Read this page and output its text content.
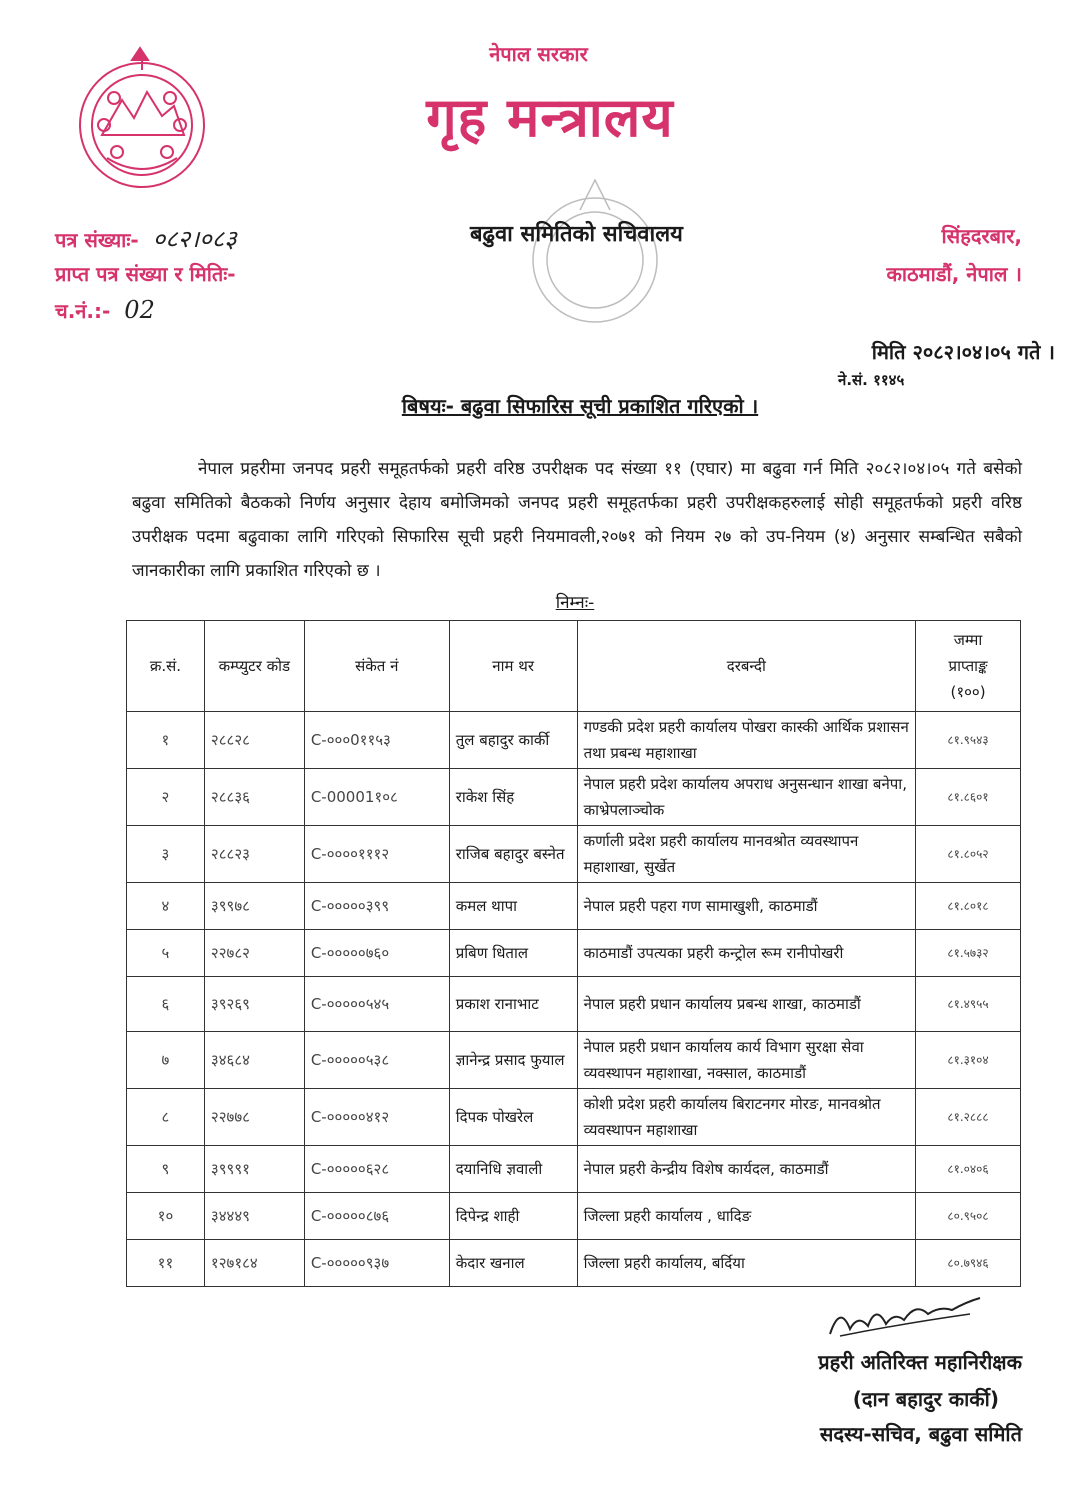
नेपाल सरकार
गृह मन्त्रालय
बढुवा समितिको सचिवालय
पत्र संख्याः- ०८२।०८३
प्राप्त पत्र संख्या र मितिः-
च.नं.:- 02
सिंहदरबार,
काठमाडौं, नेपाल ।
मिति २०८२।०४।०५ गते ।
ने.सं. ११४५
बिषयः- बढुवा सिफारिस सूची प्रकाशित गरिएको ।
नेपाल प्रहरीमा जनपद प्रहरी समूहतर्फको प्रहरी वरिष्ठ उपरीक्षक पद संख्या ११ (एघार) मा बढुवा गर्न मिति २०८२।०४।०५ गते बसेको बढुवा समितिको बैठकको निर्णय अनुसार देहाय बमोजिमको जनपद प्रहरी समूहतर्फका प्रहरी उपरीक्षकहरुलाई सोही समूहतर्फको प्रहरी वरिष्ठ उपरीक्षक पदमा बढुवाका लागि गरिएको सिफारिस सूची प्रहरी नियमावली,२०७१ को नियम २७ को उप-नियम (४) अनुसार सम्बन्धित सबैको जानकारीका लागि प्रकाशित गरिएको छ ।
निम्नः-
क्र.सं.	कम्प्युटर कोड	संकेत नं	नाम थर	दरबन्दी	जम्मा
प्राप्ताङ्क
(१००)

१	२८८२८	C-०००0११५३	तुल बहादुर कार्की	गण्डकी प्रदेश प्रहरी कार्यालय पोखरा कास्की आर्थिक प्रशासन तथा प्रबन्ध महाशाखा	८१.९५४३
२	२८८३६	C-00001१०८	राकेश सिंह	नेपाल प्रहरी प्रदेश कार्यालय अपराध अनुसन्धान शाखा बनेपा, काभ्रेपलाञ्चोक	८१.८६०१
३	२८८२३	C-००००१११२	राजिब बहादुर बस्नेत	कर्णाली प्रदेश प्रहरी कार्यालय मानवश्रोत व्यवस्थापन महाशाखा, सुर्खेत	८१.८०५२
४	३९९७८	C-०००००३९९	कमल थापा	नेपाल प्रहरी पहरा गण सामाखुशी, काठमाडौं	८१.८०१८
५	२२७८२	C-०००००७६०	प्रबिण धिताल	काठमाडौं उपत्यका प्रहरी कन्ट्रोल रूम रानीपोखरी	८१.५७३२
६	३९२६९	C-०००००५४५	प्रकाश रानाभाट	नेपाल प्रहरी प्रधान कार्यालय प्रबन्ध शाखा, काठमाडौं	८१.४९५५
७	३४६८४	C-०००००५३८	ज्ञानेन्द्र प्रसाद फुयाल	नेपाल प्रहरी प्रधान कार्यालय कार्य विभाग सुरक्षा सेवा व्यवस्थापन महाशाखा, नक्साल, काठमाडौं	८१.३१०४
८	२२७७८	C-०००००४१२	दिपक पोखरेल	कोशी प्रदेश प्रहरी कार्यालय बिराटनगर मोरङ, मानवश्रोत व्यवस्थापन महाशाखा	८१.२८८८
९	३९९९१	C-०००००६२८	दयानिधि ज्ञवाली	नेपाल प्रहरी केन्द्रीय विशेष कार्यदल, काठमाडौं	८१.०४०६
१०	३४४४९	C-०००००८७६	दिपेन्द्र शाही	जिल्ला प्रहरी कार्यालय , धादिङ	८०.९५०८
११	१२७१८४	C-०००००९३७	केदार खनाल	जिल्ला प्रहरी कार्यालय, बर्दिया	८०.७९४६
प्रहरी अतिरिक्त महानिरीक्षक
(दान बहादुर कार्की)
सदस्य-सचिव, बढुवा समिति
